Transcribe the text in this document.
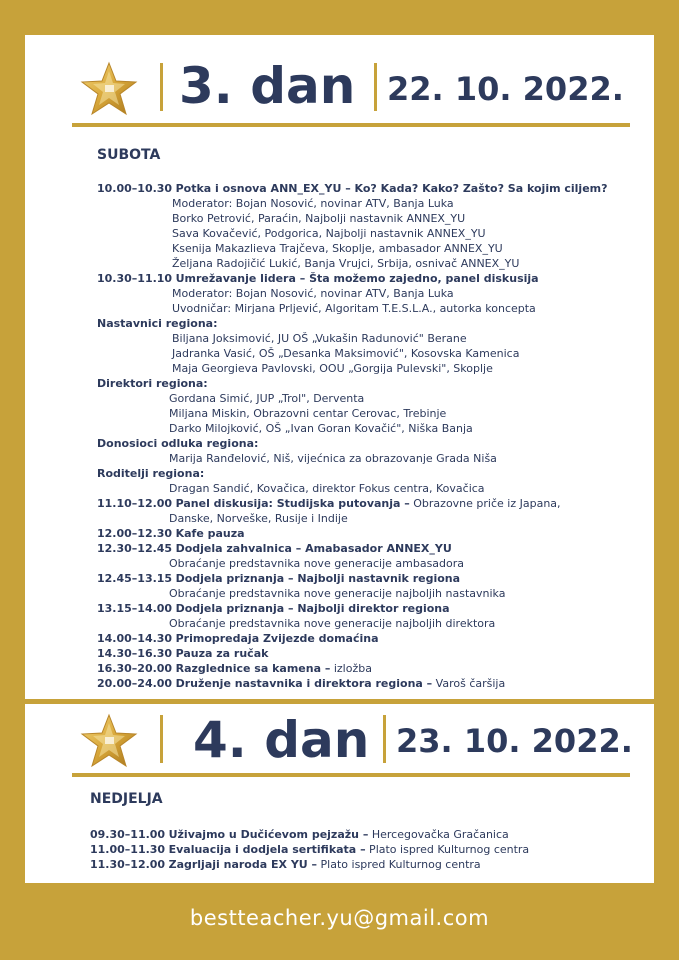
3. dan 22. 10. 2022.
SUBOTA
10.00–10.30 Potka i osnova ANN_EX_YU – Ko? Kada? Kako? Zašto? Sa kojim ciljem?
Moderator: Bojan Nosović, novinar ATV, Banja Luka
Borko Petrović, Paraćin, Najbolji nastavnik ANNEX_YU
Sava Kovačević, Podgorica, Najbolji nastavnik ANNEX_YU
Ksenija Makazlieva Trajčeva, Skoplje, ambasador ANNEX_YU
Željana Radojičić Lukić, Banja Vrujci, Srbija, osnivač ANNEX_YU
10.30–11.10 Umrežavanje lidera – Šta možemo zajedno, panel diskusija
Moderator: Bojan Nosović, novinar ATV, Banja Luka
Uvodničar: Mirjana Prljević, Algoritam T.E.S.L.A., autorka koncepta
Nastavnici regiona:
Biljana Joksimović, JU OŠ „Vukašin Radunović" Berane
Jadranka Vasić, OŠ „Desanka Maksimović", Kosovska Kamenica
Maja Georgieva Pavlovski, OOU „Gorgija Pulevski", Skoplje
Direktori regiona:
Gordana Simić, JUP „Trol", Derventa
Miljana Miskin, Obrazovni centar Cerovac, Trebinje
Darko Milojković, OŠ „Ivan Goran Kovačić", Niška Banja
Donosioci odluka regiona:
Marija Ranđelović, Niš, vijećnica za obrazovanje Grada Niša
Roditelji regiona:
Dragan Sandić, Kovačica, direktor Fokus centra, Kovačica
11.10–12.00 Panel diskusija: Studijska putovanja – Obrazovne priče iz Japana,
Danske, Norveške, Rusije i Indije
12.00–12.30 Kafe pauza
12.30–12.45 Dodjela zahvalnica – Amabasador ANNEX_YU
Obraćanje predstavnika nove generacije ambasadora
12.45–13.15 Dodjela priznanja – Najbolji nastavnik regiona
Obraćanje predstavnika nove generacije najboljih nastavnika
13.15–14.00 Dodjela priznanja – Najbolji direktor regiona
Obraćanje predstavnika nove generacije najboljih direktora
14.00–14.30 Primopredaja Zvijezde domaćina
14.30–16.30 Pauza za ručak
16.30–20.00 Razglednice sa kamena – izložba
20.00–24.00 Druženje nastavnika i direktora regiona – Varoš čaršija
4. dan 23. 10. 2022.
NEDJELJA
09.30–11.00 Uživajmo u Dučićevom pejzažu – Hercegovačka Gračanica
11.00–11.30 Evaluacija i dodjela sertifikata – Plato ispred Kulturnog centra
11.30–12.00 Zagrljaji naroda EX YU – Plato ispred Kulturnog centra
bestteacher.yu@gmail.com
